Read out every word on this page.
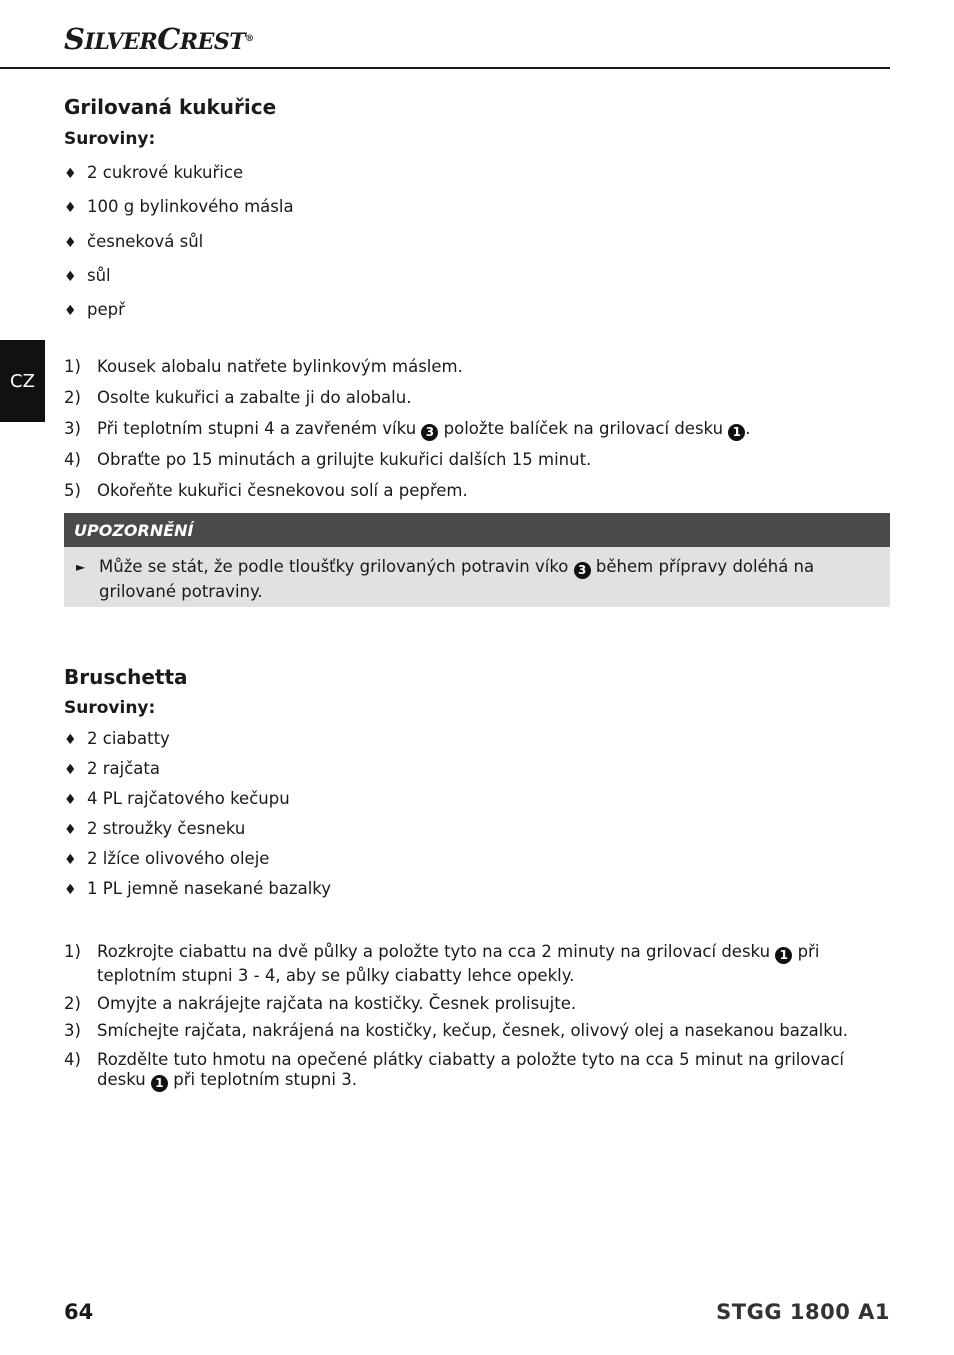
SILVERCREST®
CZ
Grilovaná kukuřice
Suroviny:
♦ 2 cukrové kukuřice
♦ 100 g bylinkového másla
♦ česneková sůl
♦ sůl
♦ pepř
1) Kousek alobalu natřete bylinkovým máslem.
2) Osolte kukuřici a zabalte ji do alobalu.
3) Při teplotním stupni 4 a zavřeném víku 3 položte balíček na grilovací desku 1 .
4) Obraťte po 15 minutách a grilujte kukuřici dalších 15 minut.
5) Okořeňte kukuřici česnekovou solí a pepřem.
UPOZORNĚNÍ
► Může se stát, že podle tloušťky grilovaných potravin víko 3 během přípravy doléhá na grilované potraviny.
Bruschetta
Suroviny:
♦ 2 ciabatty
♦ 2 rajčata
♦ 4 PL rajčatového kečupu
♦ 2 stroužky česneku
♦ 2 lžíce olivového oleje
♦ 1 PL jemně nasekané bazalky
1) Rozkrojte ciabattu na dvě půlky a položte tyto na cca 2 minuty na grilovací desku 1 při teplotním stupni 3 - 4, aby se půlky ciabatty lehce opekly.
2) Omyjte a nakrájejte rajčata na kostičky. Česnek prolisujte.
3) Smíchejte rajčata, nakrájená na kostičky, kečup, česnek, olivový olej a nasekanou bazalku.
4) Rozdělte tuto hmotu na opečené plátky ciabatty a položte tyto na cca 5 minut na grilovací desku 1 při teplotním stupni 3.
64	STGG 1800 A1
